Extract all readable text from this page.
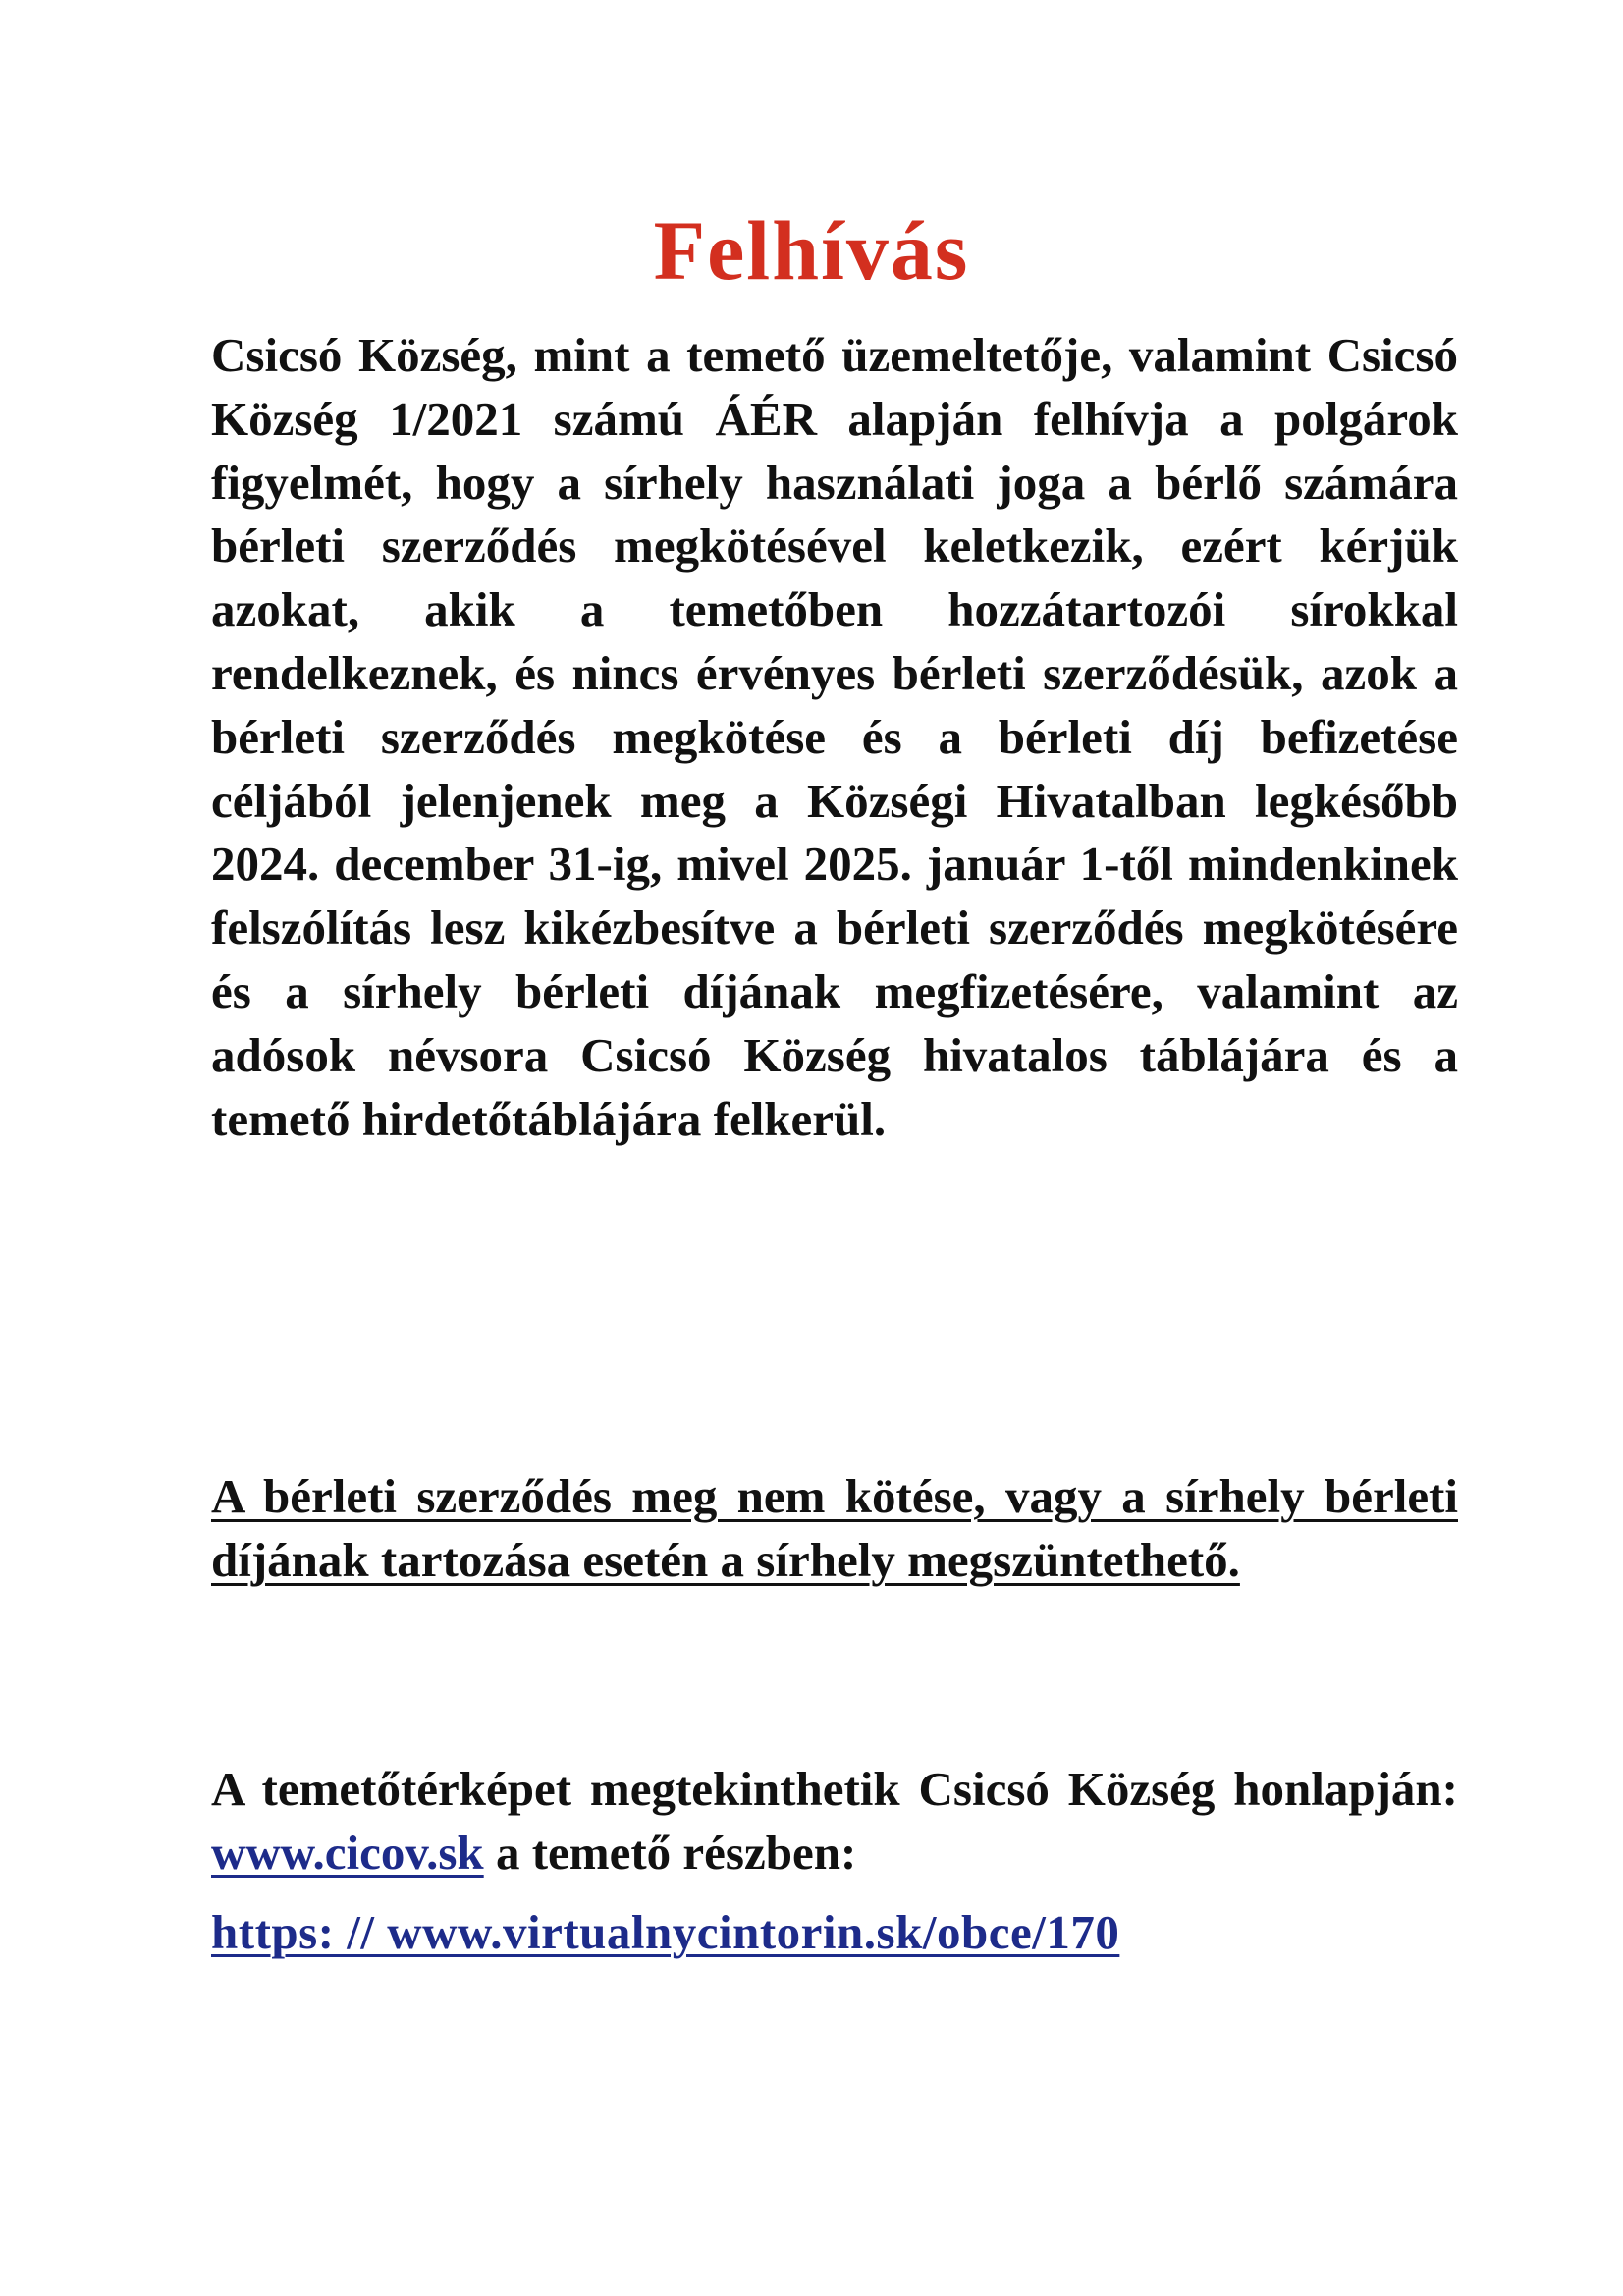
Felhívás
Csicsó Község, mint a temető üzemeltetője, valamint Csicsó Község 1/2021 számú ÁÉR alapján felhívja a polgárok figyelmét, hogy a sírhely használati joga a bérlő számára bérleti szerződés megkötésével keletkezik, ezért kérjük azokat, akik a temetőben hozzátartozói sírokkal rendelkeznek, és nincs érvényes bérleti szerződésük, azok a bérleti szerződés megkötése és a bérleti díj befizetése céljából jelenjenek meg a Községi Hivatalban legkésőbb 2024. december 31-ig, mivel 2025. január 1-től mindenkinek felszólítás lesz kikézbesítve a bérleti szerződés megkötésére és a sírhely bérleti díjának megfizetésére, valamint az adósok névsora Csicsó Község hivatalos táblájára és a temető hirdetőtáblájára felkerül.
A bérleti szerződés meg nem kötése, vagy a sírhely bérleti díjának tartozása esetén a sírhely megszüntethető.
A temetőtérképet megtekinthetik Csicsó Község honlapján: www.cicov.sk a temető részben:
https: // www.virtualnycintorin.sk/obce/170
